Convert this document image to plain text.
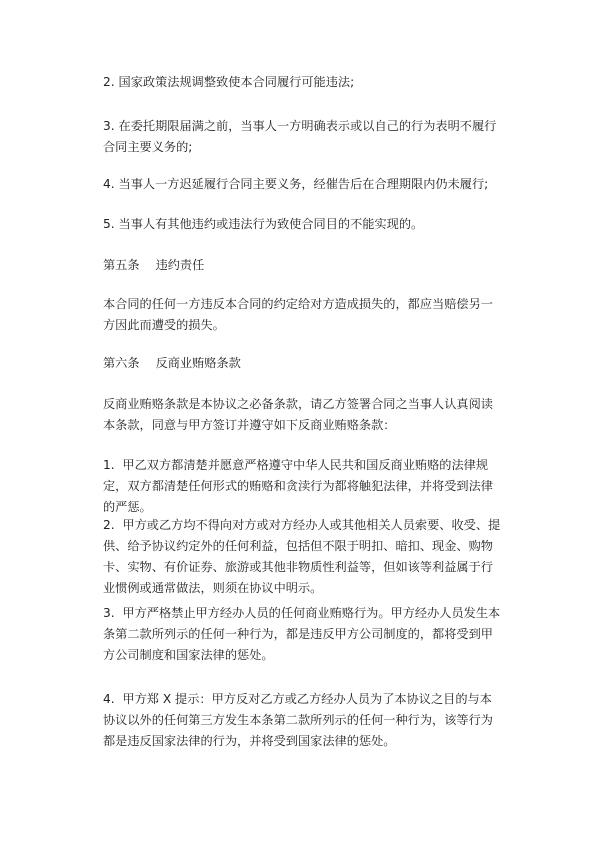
2. 国家政策法规调整致使本合同履行可能违法;

3. 在委托期限届满之前，当事人一方明确表示或以自己的行为表明不履行合同主要义务的;

4. 当事人一方迟延履行合同主要义务，经催告后在合理期限内仍未履行;

5. 当事人有其他违约或违法行为致使合同目的不能实现的。

第五条 违约责任

本合同的任何一方违反本合同的约定给对方造成损失的，都应当赔偿另一方因此而遭受的损失。

第六条 反商业贿赂条款

反商业贿赂条款是本协议之必备条款，请乙方签署合同之当事人认真阅读本条款，同意与甲方签订并遵守如下反商业贿赂条款：

1.  甲乙双方都清楚并愿意严格遵守中华人民共和国反商业贿赂的法律规定，双方都清楚任何形式的贿赂和贪渎行为都将触犯法律，并将受到法律的严惩。

2.  甲方或乙方均不得向对方或对方经办人或其他相关人员索要、收受、提供、给予协议约定外的任何利益，包括但不限于明扣、暗扣、现金、购物卡、实物、有价证券、旅游或其他非物质性利益等，但如该等利益属于行业惯例或通常做法，则须在协议中明示。

3.  甲方严格禁止甲方经办人员的任何商业贿赂行为。甲方经办人员发生本条第二款所列示的任何一种行为，都是违反甲方公司制度的，都将受到甲方公司制度和国家法律的惩处。

4.  甲方郑 X 提示：甲方反对乙方或乙方经办人员为了本协议之目的与本协议以外的任何第三方发生本条第二款所列示的任何一种行为，该等行为都是违反国家法律的行为，并将受到国家法律的惩处。
